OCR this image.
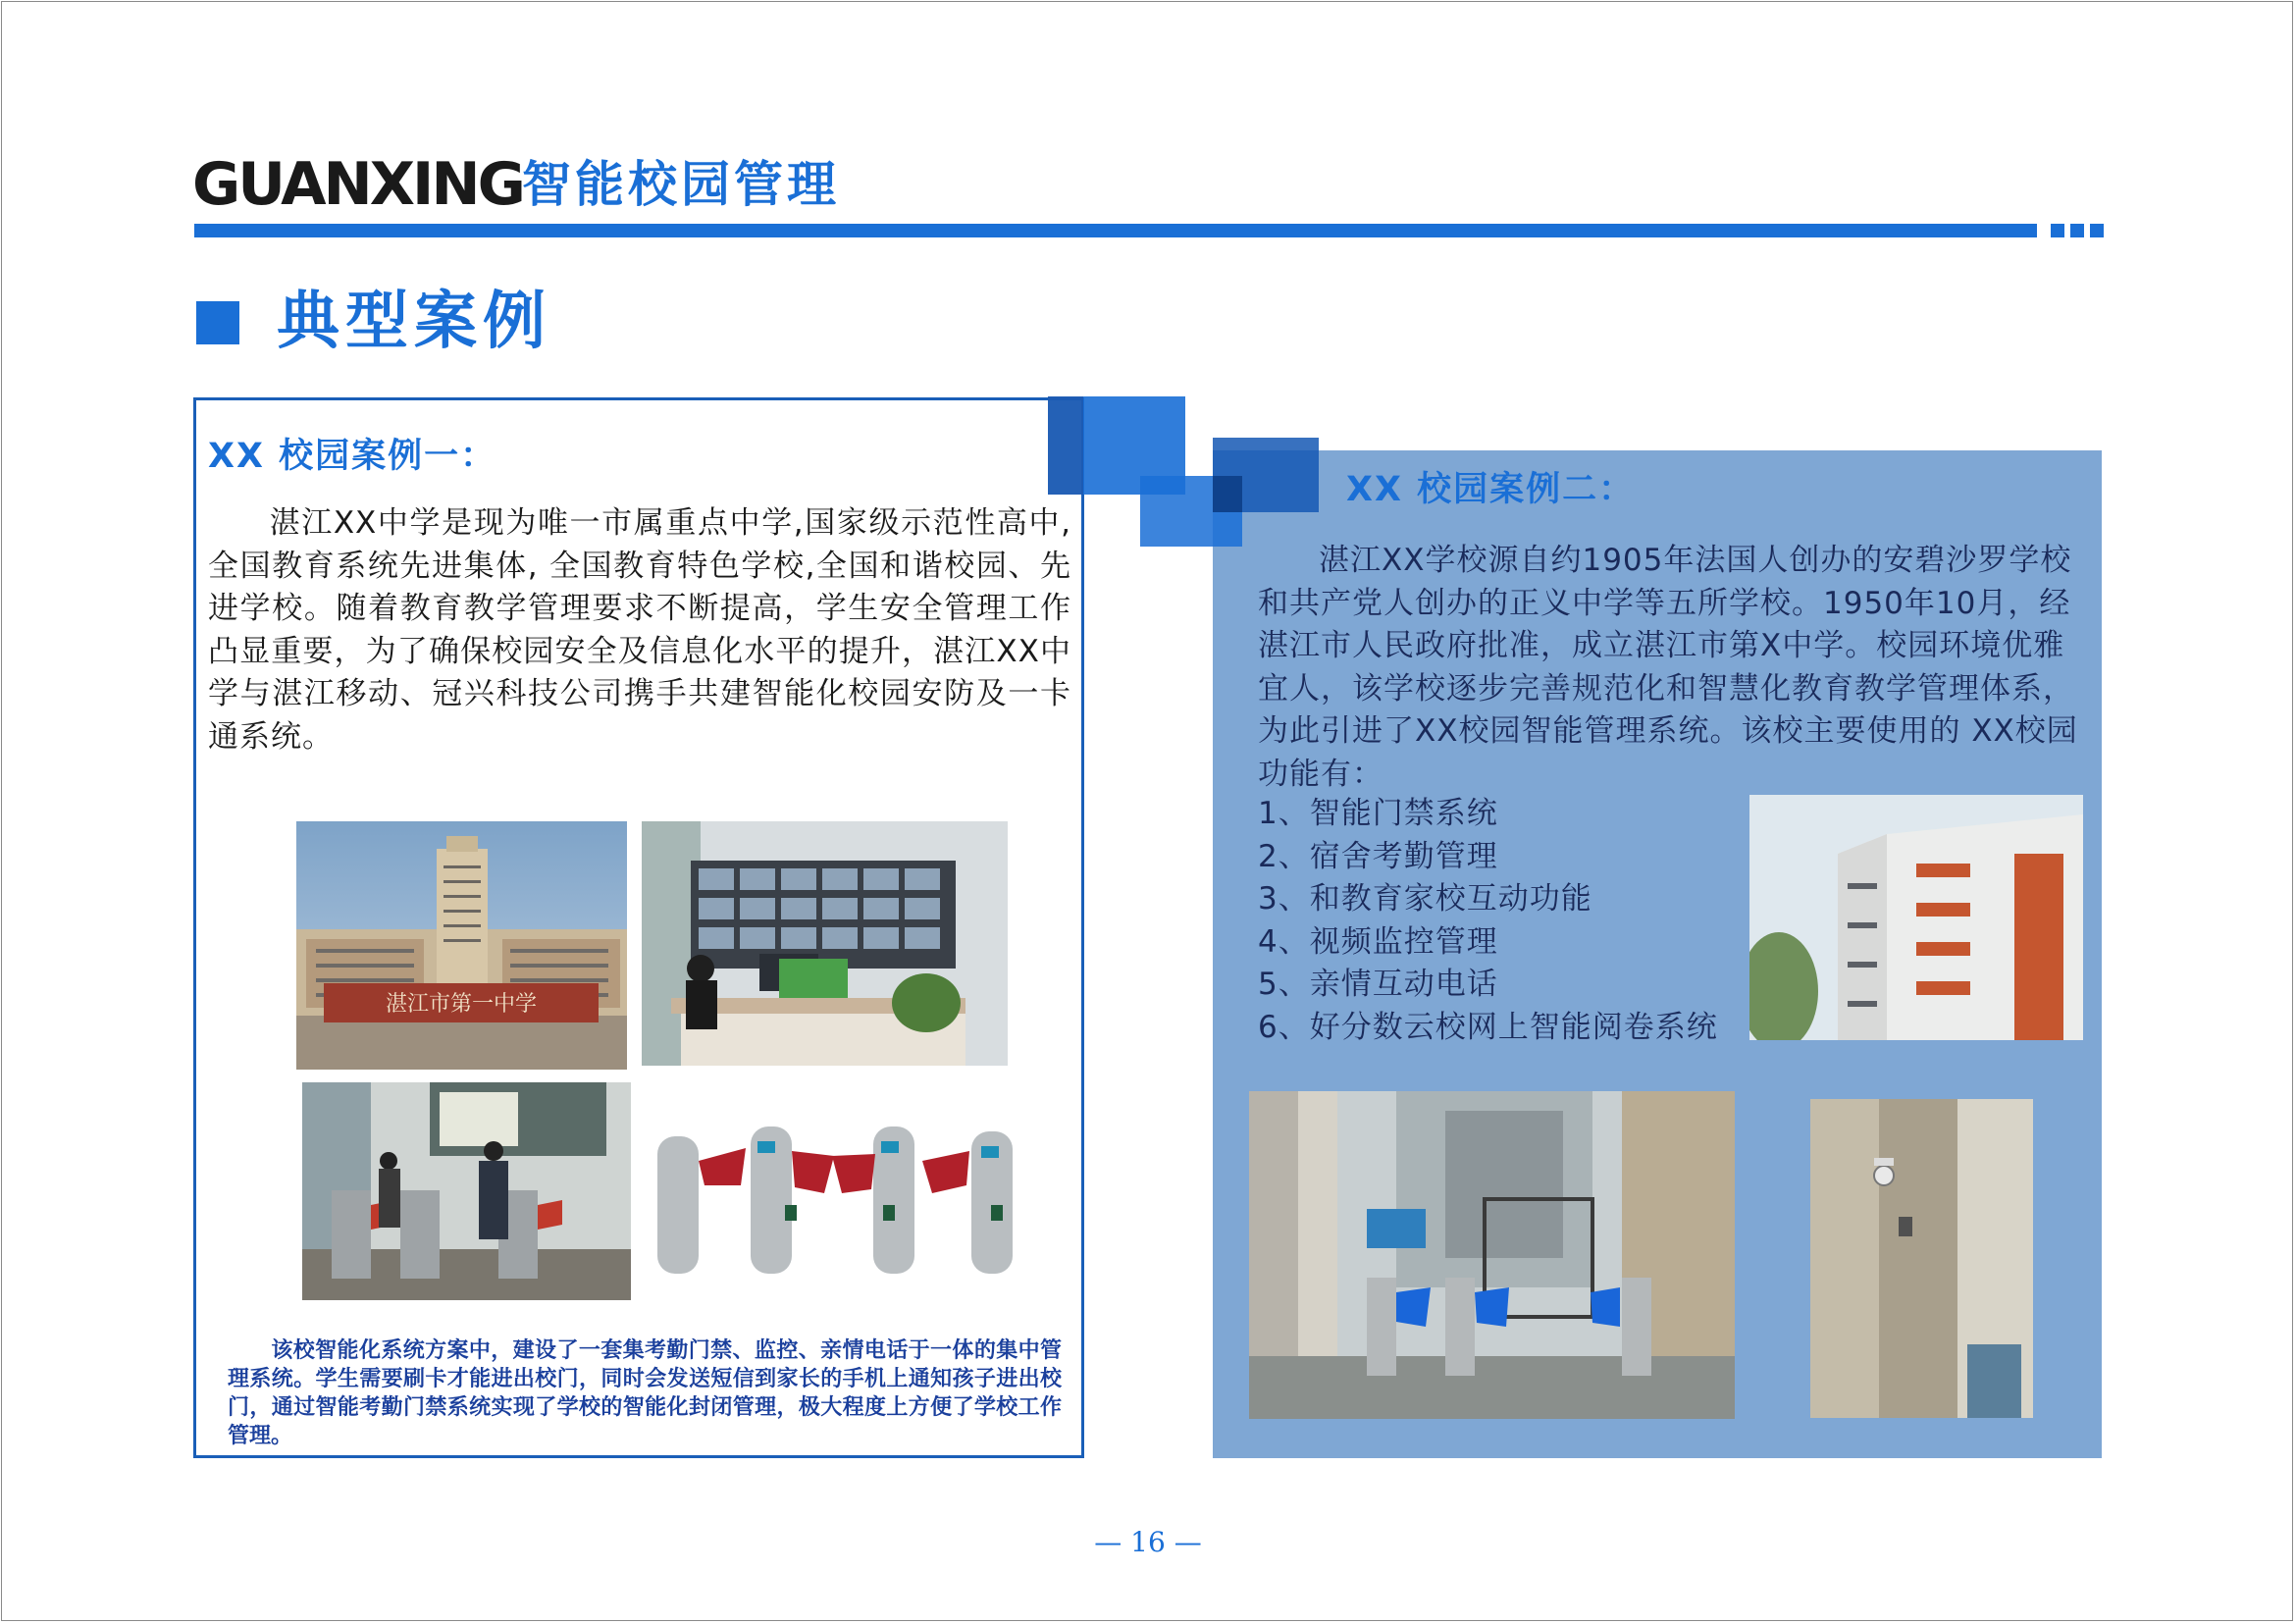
GUANXING 智能校园管理
典型案例
XX 校园案例一：
湛江XX中学是现为唯一市属重点中学,国家级示范性高中,全国教育系统先进集体, 全国教育特色学校,全国和谐校园、先进学校。随着教育教学管理要求不断提高，学生安全管理工作凸显重要，为了确保校园安全及信息化水平的提升，湛江XX中学与湛江移动、冠兴科技公司携手共建智能化校园安防及一卡通系统。
湛江市第一中学
该校智能化系统方案中，建设了一套集考勤门禁、监控、亲情电话于一体的集中管理系统。学生需要刷卡才能进出校门，同时会发送短信到家长的手机上通知孩子进出校门，通过智能考勤门禁系统实现了学校的智能化封闭管理，极大程度上方便了学校工作管理。
XX 校园案例二：
湛江XX学校源自约1905年法国人创办的安碧沙罗学校和共产党人创办的正义中学等五所学校。1950年10月，经湛江市人民政府批准，成立湛江市第X中学。校园环境优雅宜人，该学校逐步完善规范化和智慧化教育教学管理体系，为此引进了XX校园智能管理系统。该校主要使用的 XX校园功能有：
1、智能门禁系统
2、宿舍考勤管理
3、和教育家校互动功能
4、视频监控管理
5、亲情互动电话
6、好分数云校网上智能阅卷系统
— 16 —
